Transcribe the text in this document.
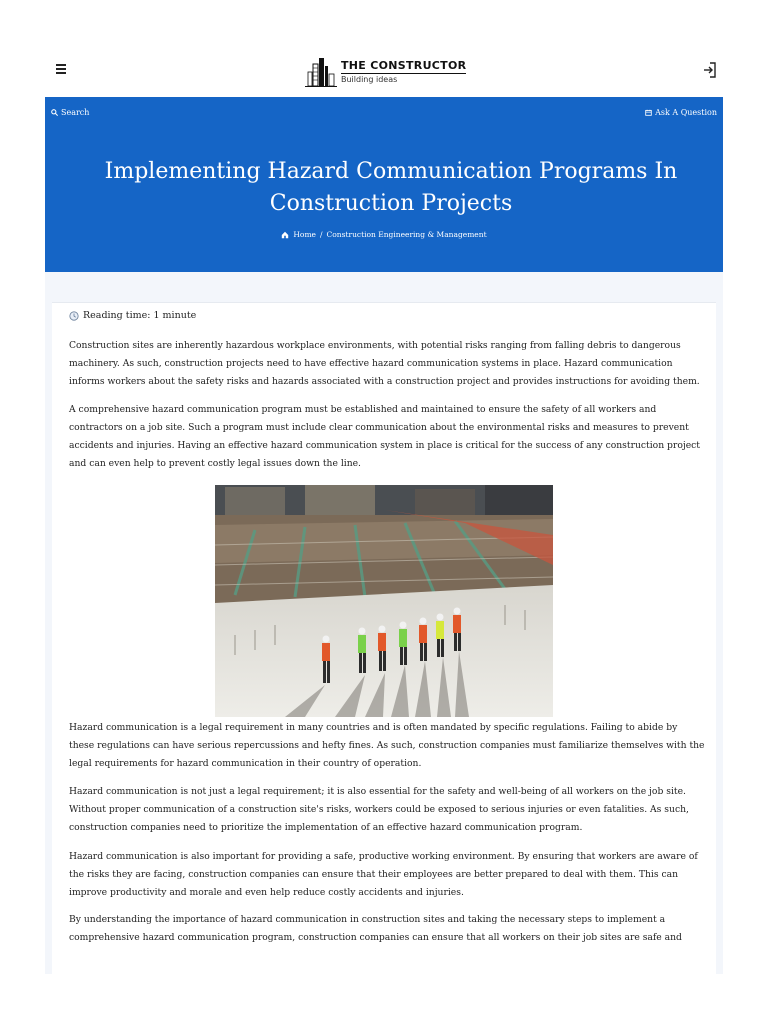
THE CONSTRUCTOR
Building ideas
Search	Ask A Question
Implementing Hazard Communication Programs In Construction Projects
Home / Construction Engineering & Management
Reading time: 1 minute

Construction sites are inherently hazardous workplace environments, with potential risks ranging from falling debris to dangerous machinery. As such, construction projects need to have effective hazard communication systems in place. Hazard communication informs workers about the safety risks and hazards associated with a construction project and provides instructions for avoiding them.

A comprehensive hazard communication program must be established and maintained to ensure the safety of all workers and contractors on a job site. Such a program must include clear communication about the environmental risks and measures to prevent accidents and injuries. Having an effective hazard communication system in place is critical for the success of any construction project and can even help to prevent costly legal issues down the line.

Hazard communication is a legal requirement in many countries and is often mandated by specific regulations. Failing to abide by these regulations can have serious repercussions and hefty fines. As such, construction companies must familiarize themselves with the legal requirements for hazard communication in their country of operation.

Hazard communication is not just a legal requirement; it is also essential for the safety and well-being of all workers on the job site. Without proper communication of a construction site's risks, workers could be exposed to serious injuries or even fatalities. As such, construction companies need to prioritize the implementation of an effective hazard communication program.

Hazard communication is also important for providing a safe, productive working environment. By ensuring that workers are aware of the risks they are facing, construction companies can ensure that their employees are better prepared to deal with them. This can improve productivity and morale and even help reduce costly accidents and injuries.

By understanding the importance of hazard communication in construction sites and taking the necessary steps to implement a comprehensive hazard communication program, construction companies can ensure that all workers on their job sites are safe and
